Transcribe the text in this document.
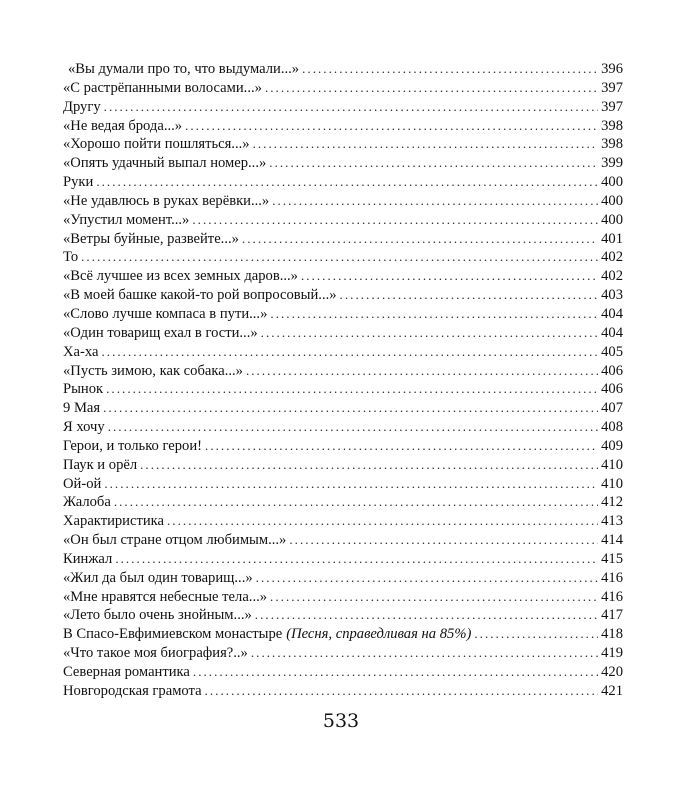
«Вы думали про то, что выдумали...» . . .	396
«С растрёпанными волосами...» . . .	397
Другу . . .	397
«Не ведая брода...» . . .	398
«Хорошо пойти пошляться...» . . .	398
«Опять удачный выпал номер...» . . .	399
Руки . . .	400
«Не удавлюсь в руках верёвки...» . . .	400
«Упустил момент...» . . .	400
«Ветры буйные, развейте...» . . .	401
То . . .	402
«Всё лучшее из всех земных даров...» . . .	402
«В моей башке какой-то рой вопросовый...» . . .	403
«Слово лучше компаса в пути...» . . .	404
«Один товарищ ехал в гости...» . . .	404
Ха-ха . . .	405
«Пусть зимою, как собака...» . . .	406
Рынок . . .	406
9 Мая . . .	407
Я хочу . . .	408
Герои, и только герои! . . .	409
Паук и орёл . . .	410
Ой-ой . . .	410
Жалоба . . .	412
Характиристика . . .	413
«Он был стране отцом любимым...» . . .	414
Кинжал . . .	415
«Жил да был один товарищ...» . . .	416
«Мне нравятся небесные тела...» . . .	416
«Лето было очень знойным...» . . .	417
В Спасо-Евфимиевском монастыре (Песня, справедливая на 85%) . . .	418
«Что такое моя биография?..» . . .	419
Северная романтика . . .	420
Новгородская грамота . . .	421
533
